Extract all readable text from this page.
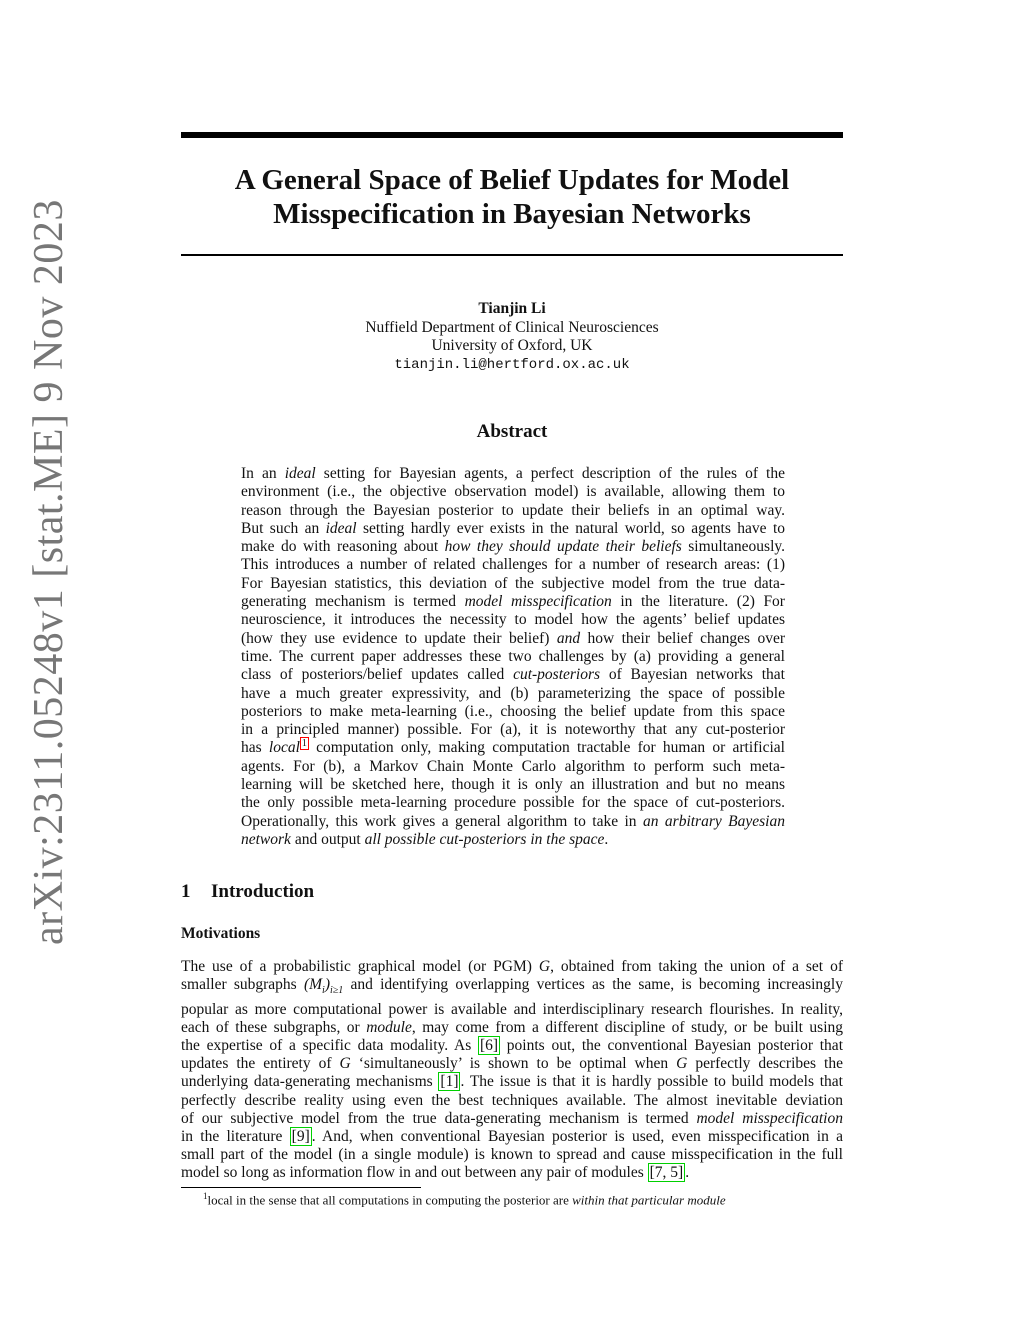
arXiv:2311.05248v1 [stat.ME] 9 Nov 2023
A General Space of Belief Updates for Model
Misspecification in Bayesian Networks
Tianjin Li
Nuffield Department of Clinical Neurosciences
University of Oxford, UK
tianjin.li@hertford.ox.ac.uk
Abstract
In an ideal setting for Bayesian agents, a perfect description of the rules of the
environment (i.e., the objective observation model) is available, allowing them to
reason through the Bayesian posterior to update their beliefs in an optimal way.
But such an ideal setting hardly ever exists in the natural world, so agents have to
make do with reasoning about how they should update their beliefs simultaneously.
This introduces a number of related challenges for a number of research areas: (1)
For Bayesian statistics, this deviation of the subjective model from the true data-
generating mechanism is termed model misspecification in the literature. (2) For
neuroscience, it introduces the necessity to model how the agents’ belief updates
(how they use evidence to update their belief) and how their belief changes over
time. The current paper addresses these two challenges by (a) providing a general
class of posteriors/belief updates called cut-posteriors of Bayesian networks that
have a much greater expressivity, and (b) parameterizing the space of possible
posteriors to make meta-learning (i.e., choosing the belief update from this space
in a principled manner) possible. For (a), it is noteworthy that any cut-posterior
has local $^1$ computation only, making computation tractable for human or artificial
agents. For (b), a Markov Chain Monte Carlo algorithm to perform such meta-
learning will be sketched here, though it is only an illustration and but no means
the only possible meta-learning procedure possible for the space of cut-posteriors.
Operationally, this work gives a general algorithm to take in an arbitrary Bayesian
network and output all possible cut-posteriors in the space.
1 Introduction
Motivations
The use of a probabilistic graphical model (or PGM) G, obtained from taking the union of a set of
smaller subgraphs $(M_i)_{i\ge 1}$ and identifying overlapping vertices as the same, is becoming increasingly
popular as more computational power is available and interdisciplinary research flourishes. In reality,
each of these subgraphs, or module, may come from a different discipline of study, or be built using
the expertise of a specific data modality. As [6] points out, the conventional Bayesian posterior that
updates the entirety of G ‘simultaneously’ is shown to be optimal when G perfectly describes the
underlying data-generating mechanisms [1] . The issue is that it is hardly possible to build models that
perfectly describe reality using even the best techniques available. The almost inevitable deviation
of our subjective model from the true data-generating mechanism is termed model misspecification
in the literature [9] . And, when conventional Bayesian posterior is used, even misspecification in a
small part of the model (in a single module) is known to spread and cause misspecification in the full
model so long as information flow in and out between any pair of modules [7, 5] .
$^1$local in the sense that all computations in computing the posterior are within that particular module
